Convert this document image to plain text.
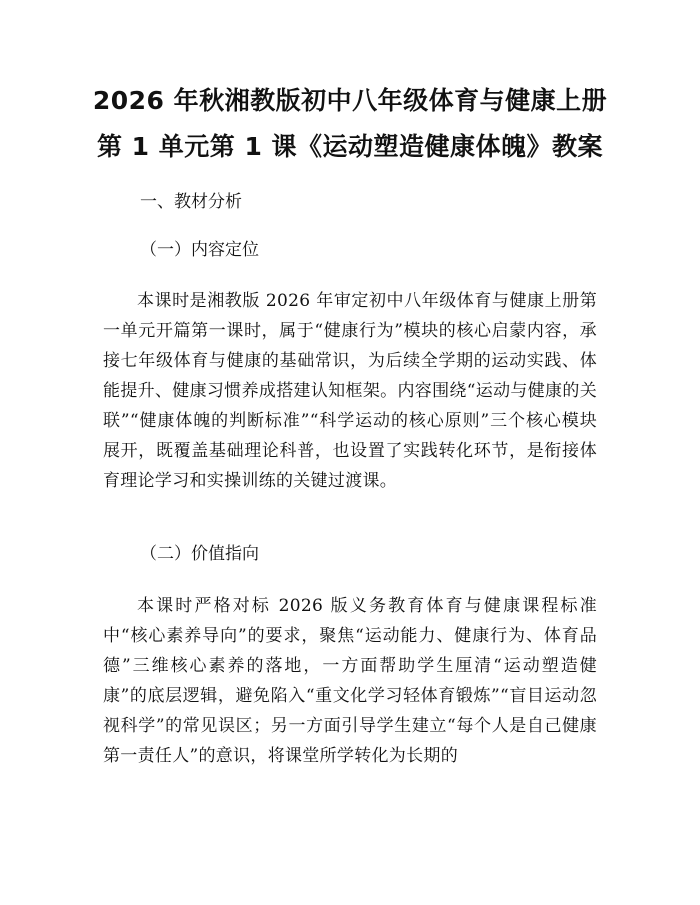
2026 年秋湘教版初中八年级体育与健康上册
第 1 单元第 1 课《运动塑造健康体魄》教案
一、教材分析
（一）内容定位

本课时是湘教版 2026 年审定初中八年级体育与健康上册第一单元开篇第一课时，属于“健康行为”模块的核心启蒙内容，承接七年级体育与健康的基础常识，为后续全学期的运动实践、体能提升、健康习惯养成搭建认知框架。内容围绕“运动与健康的关联”“健康体魄的判断标准”“科学运动的核心原则”三个核心模块展开，既覆盖基础理论科普，也设置了实践转化环节，是衔接体育理论学习和实操训练的关键过渡课。

（二）价值指向

本课时严格对标 2026 版义务教育体育与健康课程标准中“核心素养导向”的要求，聚焦“运动能力、健康行为、体育品德”三维核心素养的落地，一方面帮助学生厘清“运动塑造健康”的底层逻辑，避免陷入“重文化学习轻体育锻炼”“盲目运动忽视科学”的常见误区；另一方面引导学生建立“每个人是自己健康第一责任人”的意识，将课堂所学转化为长期的
